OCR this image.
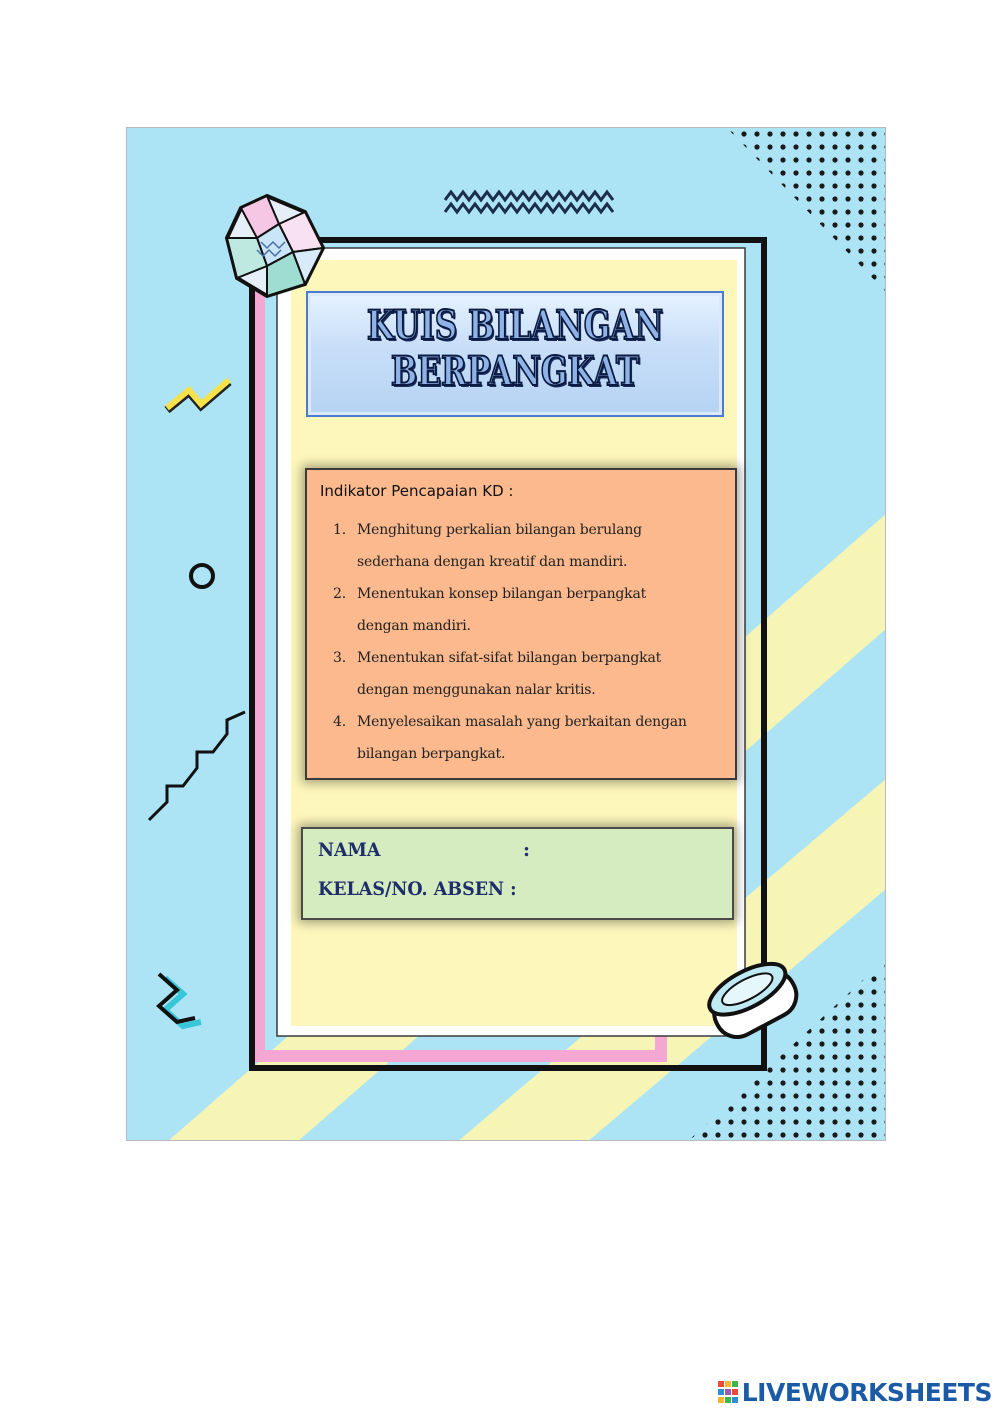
KUIS BILANGAN
BERPANGKAT
Indikator Pencapaian KD :
1. Menghitung perkalian bilangan berulang
sederhana dengan kreatif dan mandiri.
2. Menentukan konsep bilangan berpangkat
dengan mandiri.
3. Menentukan sifat-sifat bilangan berpangkat
dengan menggunakan nalar kritis.
4. Menyelesaikan masalah yang berkaitan dengan
bilangan berpangkat.
NAMA	:
KELAS/NO. ABSEN :
LIVEWORKSHEETS
